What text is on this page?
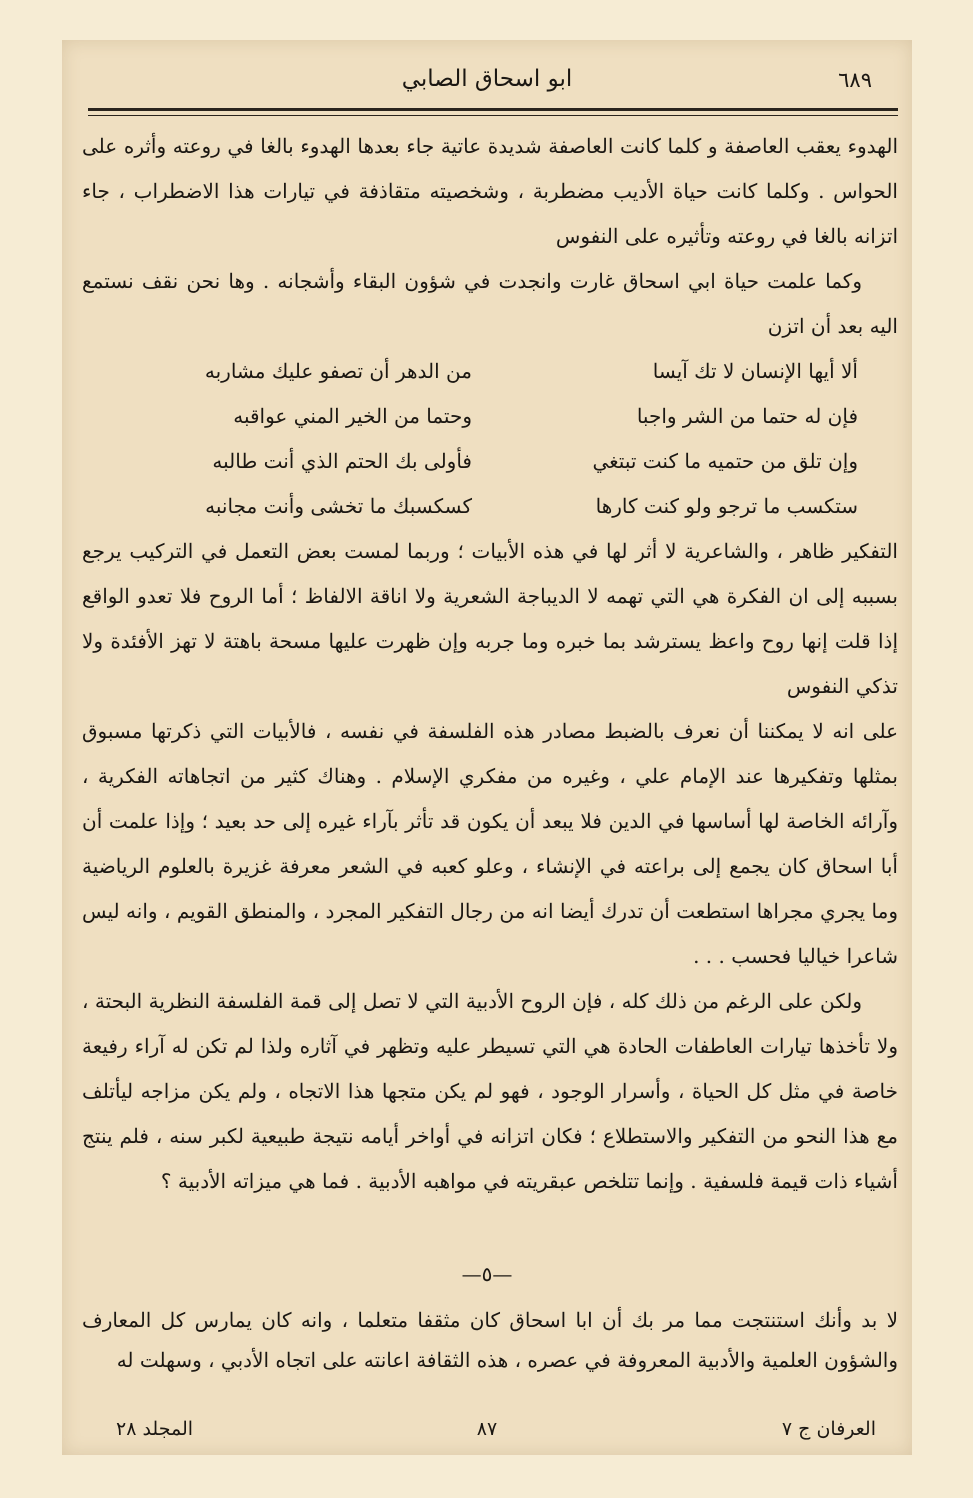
٦٨٩
ابو اسحاق الصابي

الهدوء يعقب العاصفة و كلما كانت العاصفة شديدة عاتية جاء بعدها الهدوء بالغا في روعته وأثره على الحواس . وكلما كانت حياة الأديب مضطربة ، وشخصيته متقاذفة في تيارات هذا الاضطراب ، جاء اتزانه بالغا في روعته وتأثيره على النفوس

وكما علمت حياة ابي اسحاق غارت وانجدت في شؤون البقاء وأشجانه . وها نحن نقف نستمع اليه بعد أن اتزن

ألا أيها الإنسان لا تك آيسا
من الدهر أن تصفو عليك مشاربه
فإن له حتما من الشر واجبا
وحتما من الخير المني عواقبه
وإن تلق من حتميه ما كنت تبتغي
فأولى بك الحتم الذي أنت طالبه
ستكسب ما ترجو ولو كنت كارها
كسكسبك ما تخشى وأنت مجانبه

التفكير ظاهر ، والشاعرية لا أثر لها في هذه الأبيات ؛ وربما لمست بعض التعمل في التركيب يرجع بسببه إلى ان الفكرة هي التي تهمه لا الديباجة الشعرية ولا اناقة الالفاظ ؛ أما الروح فلا تعدو الواقع إذا قلت إنها روح واعظ يسترشد بما خبره وما جربه وإن ظهرت عليها مسحة باهتة لا تهز الأفئدة ولا تذكي النفوس

على انه لا يمكننا أن نعرف بالضبط مصادر هذه الفلسفة في نفسه ، فالأبيات التي ذكرتها مسبوق بمثلها وتفكيرها عند الإمام علي ، وغيره من مفكري الإسلام . وهناك كثير من اتجاهاته الفكرية ، وآرائه الخاصة لها أساسها في الدين فلا يبعد أن يكون قد تأثر بآراء غيره إلى حد بعيد ؛ وإذا علمت أن أبا اسحاق كان يجمع إلى براعته في الإنشاء ، وعلو كعبه في الشعر معرفة غزيرة بالعلوم الرياضية وما يجري مجراها استطعت أن تدرك أيضا انه من رجال التفكير المجرد ، والمنطق القويم ، وانه ليس شاعرا خياليا فحسب . . .

ولكن على الرغم من ذلك كله ، فإن الروح الأدبية التي لا تصل إلى قمة الفلسفة النظرية البحتة ، ولا تأخذها تيارات العاطفات الحادة هي التي تسيطر عليه وتظهر في آثاره ولذا لم تكن له آراء رفيعة خاصة في مثل كل الحياة ، وأسرار الوجود ، فهو لم يكن متجها هذا الاتجاه ، ولم يكن مزاجه ليأتلف مع هذا النحو من التفكير والاستطلاع ؛ فكان اتزانه في أواخر أيامه نتيجة طبيعية لكبر سنه ، فلم ينتج أشياء ذات قيمة فلسفية . وإنما تتلخص عبقريته في مواهبه الأدبية . فما هي ميزاته الأدبية ؟

المجلد ٢٨	٨٧	العرفان ج ٧
—٥—
لا بد وأنك استنتجت مما مر بك أن ابا اسحاق كان مثقفا متعلما ، وانه كان يمارس كل المعارف والشؤون العلمية والأدبية المعروفة في عصره ، هذه الثقافة اعانته على اتجاه الأدبي ، وسهلت له
